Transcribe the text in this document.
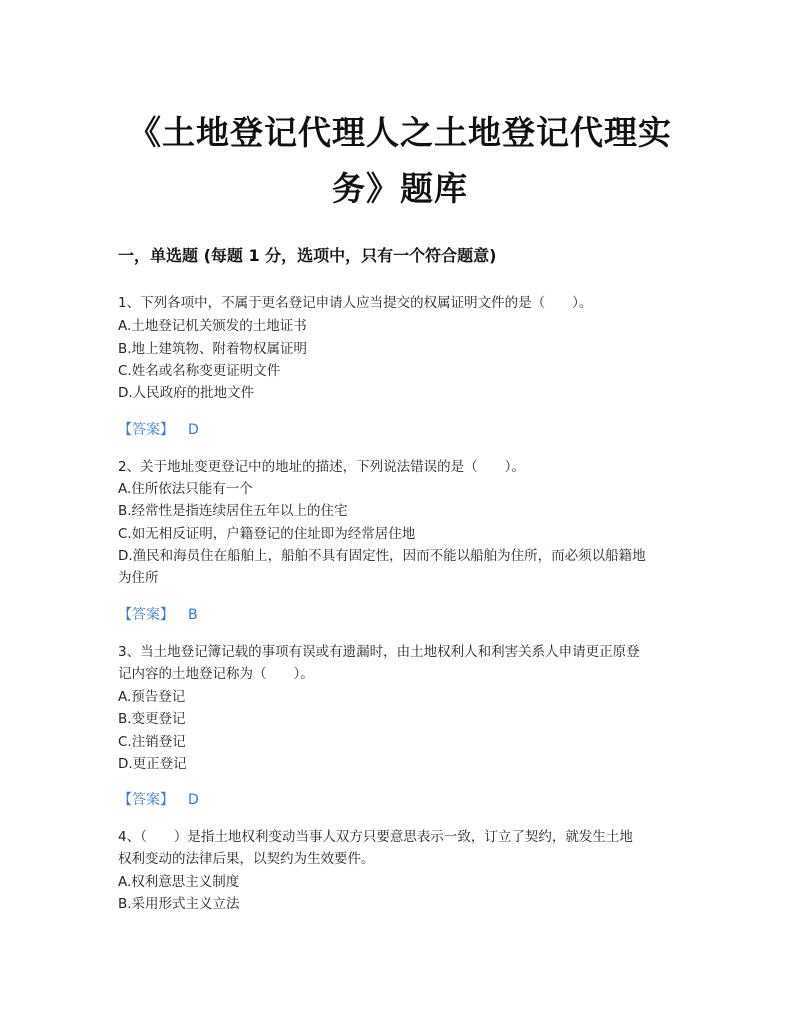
《土地登记代理人之土地登记代理实
务》题库
一，单选题 (每题 1 分，选项中，只有一个符合题意)
1、下列各项中，不属于更名登记申请人应当提交的权属证明文件的是（　　）。
A.土地登记机关颁发的土地证书
B.地上建筑物、附着物权属证明
C.姓名或名称变更证明文件
D.人民政府的批地文件
【答案】 D
2、关于地址变更登记中的地址的描述，下列说法错误的是（　　）。
A.住所依法只能有一个
B.经常性是指连续居住五年以上的住宅
C.如无相反证明，户籍登记的住址即为经常居住地
D.渔民和海员住在船舶上，船舶不具有固定性，因而不能以船舶为住所，而必须以船籍地
为住所
【答案】 B
3、当土地登记簿记载的事项有误或有遗漏时，由土地权利人和利害关系人申请更正原登
记内容的土地登记称为（　　）。
A.预告登记
B.变更登记
C.注销登记
D.更正登记
【答案】 D
4、（　　）是指土地权利变动当事人双方只要意思表示一致，订立了契约，就发生土地
权利变动的法律后果，以契约为生效要件。
A.权利意思主义制度
B.采用形式主义立法
